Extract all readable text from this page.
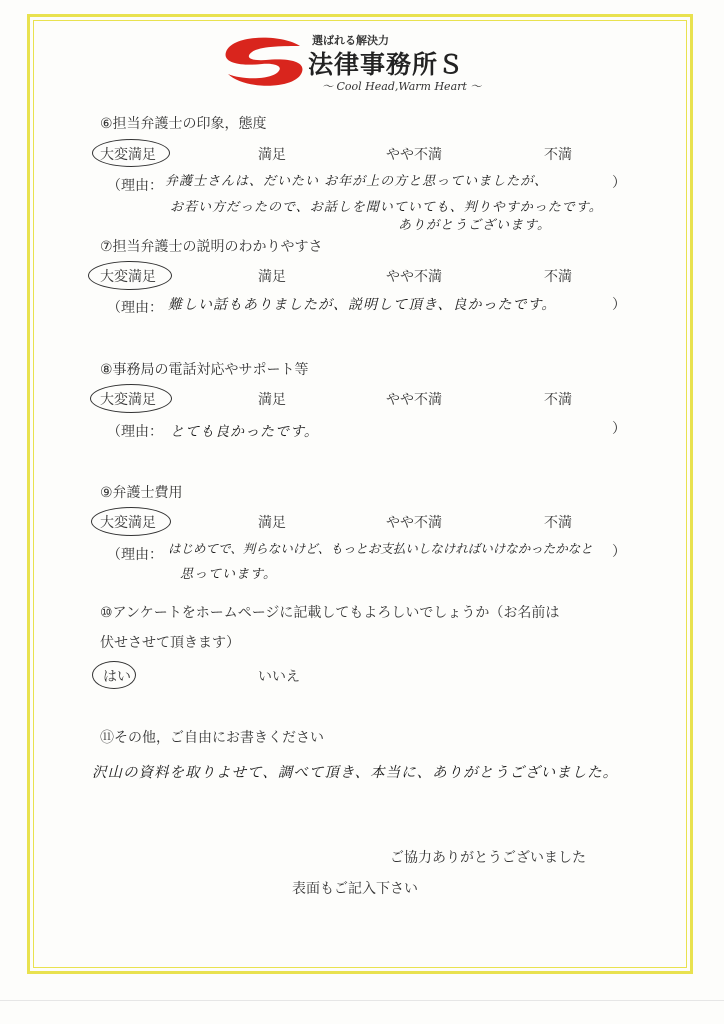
選ばれる解決力
法律事務所Ｓ
～ Cool Head,Warm Heart ～
⑥担当弁護士の印象，態度
大変満足	満足	やや不満	不満
（理由：	）
弁護士さんは、だいたい お年が上の方と思っていましたが、
お若い方だったので、お話しを聞いていても、判りやすかったです。
ありがとうございます。
⑦担当弁護士の説明のわかりやすさ
大変満足	満足	やや不満	不満
（理由：	）
難しい話もありましたが、説明して頂き、良かったです。
⑧事務局の電話対応やサポート等
大変満足	満足	やや不満	不満
（理由：	）
とても良かったです。
⑨弁護士費用
大変満足	満足	やや不満	不満
（理由：	）
はじめてで、判らないけど、もっとお支払いしなければいけなかったかなと
思っています。
⑩アンケートをホームページに記載してもよろしいでしょうか（お名前は
伏せさせて頂きます）
はい	いいえ
⑪その他，ご自由にお書きください
沢山の資料を取りよせて、調べて頂き、本当に、ありがとうございました。
ご協力ありがとうございました
表面もご記入下さい
